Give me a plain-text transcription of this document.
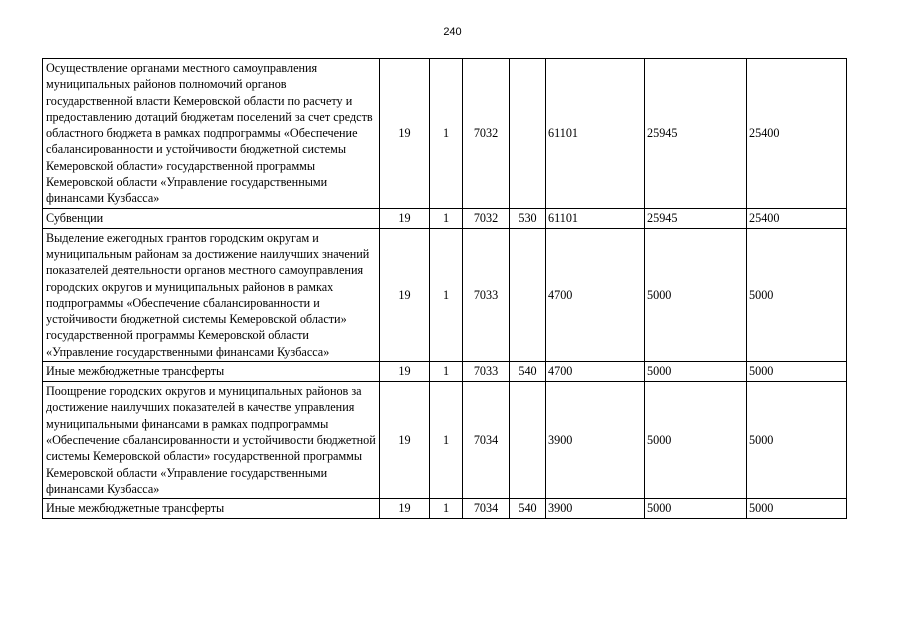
240
Осуществление органами местного самоуправления муниципальных районов полномочий органов государственной власти Кемеровской области по расчету и предоставлению дотаций бюджетам поселений за счет средств областного бюджета в рамках подпрограммы «Обеспечение сбалансированности и устойчивости бюджетной системы Кемеровской области» государственной программы Кемеровской области «Управление государственными финансами Кузбасса»	19	1	7032		61101	25945	25400
Субвенции	19	1	7032	530	61101	25945	25400
Выделение ежегодных грантов городским округам и муниципальным районам за достижение наилучших значений показателей деятельности органов местного самоуправления городских округов и муниципальных районов в рамках подпрограммы «Обеспечение сбалансированности и устойчивости бюджетной системы Кемеровской области» государственной программы Кемеровской области «Управление государственными финансами Кузбасса»	19	1	7033		4700	5000	5000
Иные межбюджетные трансферты	19	1	7033	540	4700	5000	5000
Поощрение городских округов и муниципальных районов за достижение наилучших показателей в качестве управления муниципальными финансами в рамках подпрограммы «Обеспечение сбалансированности и устойчивости бюджетной системы Кемеровской области» государственной программы Кемеровской области «Управление государственными финансами Кузбасса»	19	1	7034		3900	5000	5000
Иные межбюджетные трансферты	19	1	7034	540	3900	5000	5000
